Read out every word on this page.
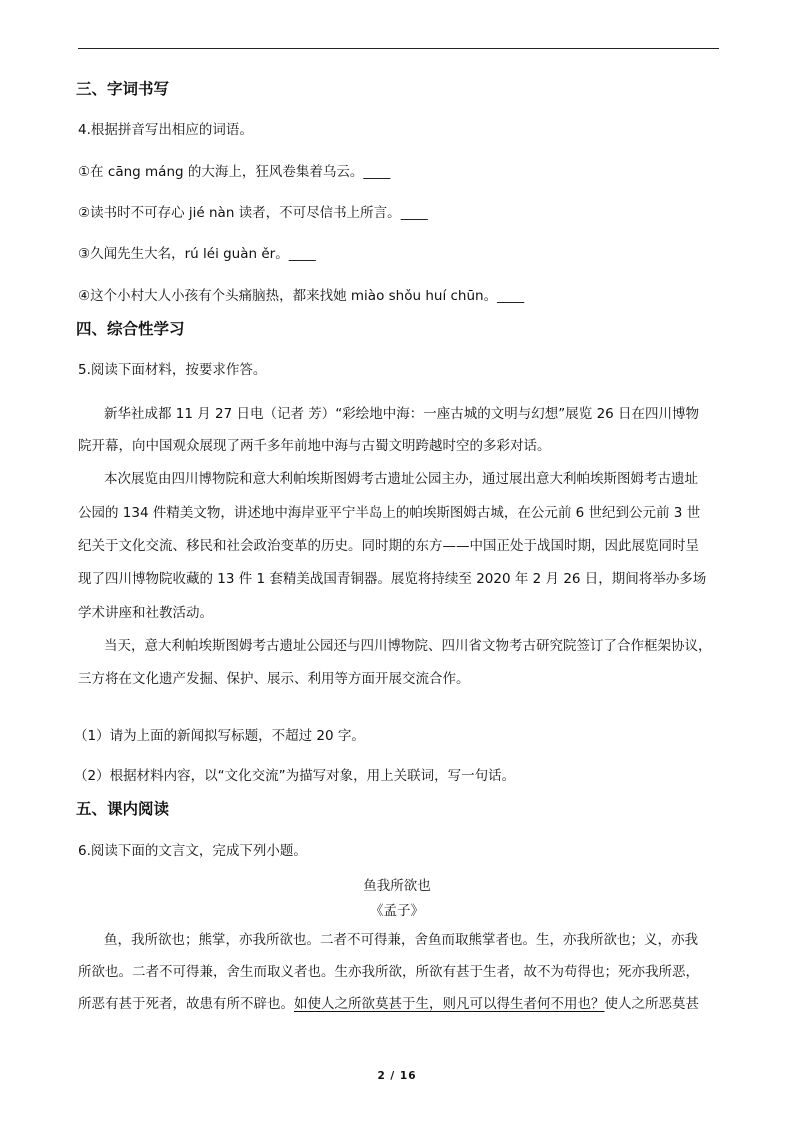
三、字词书写
4.根据拼音写出相应的词语。
①在 cāng máng 的大海上，狂风卷集着乌云。____
②读书时不可存心 jié nàn 读者，不可尽信书上所言。____
③久闻先生大名，rú léi guàn ěr。____
④这个小村大人小孩有个头痛脑热，都来找她 miào shǒu huí chūn。____
四、综合性学习
5.阅读下面材料，按要求作答。
新华社成都 11 月 27 日电（记者 芳）“彩绘地中海：一座古城的文明与幻想”展览 26 日在四川博物
院开幕，向中国观众展现了两千多年前地中海与古蜀文明跨越时空的多彩对话。
本次展览由四川博物院和意大利帕埃斯图姆考古遗址公园主办，通过展出意大利帕埃斯图姆考古遗址
公园的 134 件精美文物，讲述地中海岸亚平宁半岛上的帕埃斯图姆古城，在公元前 6 世纪到公元前 3 世
纪关于文化交流、移民和社会政治变革的历史。同时期的东方——中国正处于战国时期，因此展览同时呈
现了四川博物院收藏的 13 件 1 套精美战国青铜器。展览将持续至 2020 年 2 月 26 日，期间将举办多场
学术讲座和社教活动。
当天，意大利帕埃斯图姆考古遗址公园还与四川博物院、四川省文物考古研究院签订了合作框架协议，
三方将在文化遗产发掘、保护、展示、利用等方面开展交流合作。
（1）请为上面的新闻拟写标题，不超过 20 字。
（2）根据材料内容，以“文化交流”为描写对象，用上关联词，写一句话。
五、课内阅读
6.阅读下面的文言文，完成下列小题。
鱼我所欲也
《孟子》
鱼，我所欲也；熊掌，亦我所欲也。二者不可得兼，舍鱼而取熊掌者也。生，亦我所欲也；义，亦我
所欲也。二者不可得兼，舍生而取义者也。生亦我所欲，所欲有甚于生者，故不为苟得也；死亦我所恶，
所恶有甚于死者，故患有所不辟也。如使人之所欲莫甚于生，则凡可以得生者何不用也？使人之所恶莫甚
2 / 16
